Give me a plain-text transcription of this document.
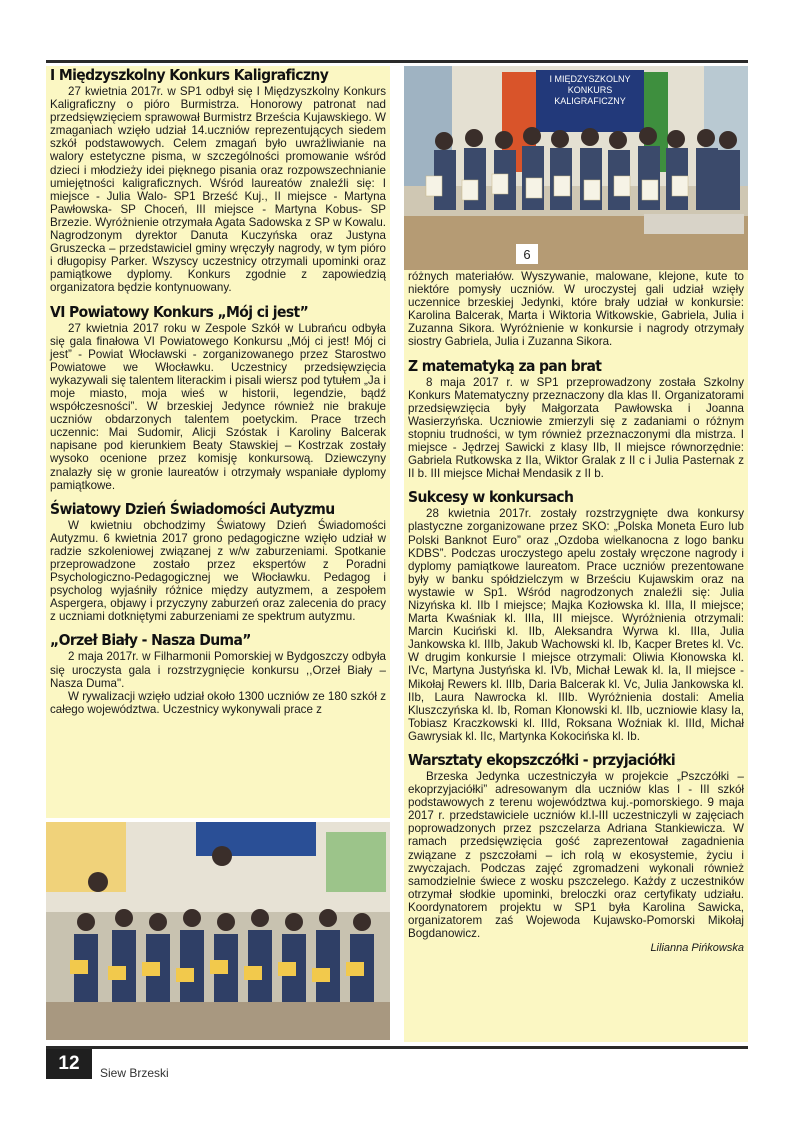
I Międzyszkolny Konkurs Kaligraficzny

27 kwietnia 2017r. w SP1 odbył się I Międzyszkolny Konkurs Kaligraficzny o pióro Burmistrza. Honorowy patronat nad przedsięwzięciem sprawował Burmistrz Brześcia Kujawskiego. W zmaganiach wzięło udział 14.uczniów reprezentujących siedem szkół podstawowych. Celem zmagań było uwrażliwianie na walory estetyczne pisma, w szczególności promowanie wśród dzieci i młodzieży idei pięknego pisania oraz rozpowszechnianie umiejętności kaligraficznych. Wśród laureatów znaleźli się: I miejsce - Julia Walo- SP1 Brześć Kuj., II miejsce - Martyna Pawłowska- SP Choceń, III miejsce - Martyna Kobus- SP Brzezie. Wyróżnienie otrzymała Agata Sadowska z SP w Kowalu. Nagrodzonym dyrektor Danuta Kuczyńska oraz Justyna Gruszecka – przedstawiciel gminy wręczyły nagrody, w tym pióro i długopisy Parker. Wszyscy uczestnicy otrzymali upominki oraz pamiątkowe dyplomy. Konkurs zgodnie z zapowiedzią organizatora będzie kontynuowany.

VI Powiatowy Konkurs „Mój ci jest”

27 kwietnia 2017 roku w Zespole Szkół w Lubrańcu odbyła się gala finałowa VI Powiatowego Konkursu „Mój ci jest! Mój ci jest” - Powiat Włocławski - zorganizowanego przez Starostwo Powiatowe we Włocławku. Uczestnicy przedsięwzięcia wykazywali się talentem literackim i pisali wiersz pod tytułem „Ja i moje miasto, moja wieś w historii, legendzie, bądź współczesności”. W brzeskiej Jedynce również nie brakuje uczniów obdarzonych talentem poetyckim. Prace trzech uczennic: Mai Sudomir, Alicji Szóstak i Karoliny Balcerak napisane pod kierunkiem Beaty Stawskiej – Kostrzak zostały wysoko ocenione przez komisję konkursową. Dziewczyny znalazły się w gronie laureatów i otrzymały wspaniałe dyplomy pamiątkowe.

Światowy Dzień Świadomości Autyzmu

W kwietniu obchodzimy Światowy Dzień Świadomości Autyzmu. 6 kwietnia 2017 grono pedagogiczne wzięło udział w radzie szkoleniowej związanej z w/w zaburzeniami. Spotkanie przeprowadzone zostało przez ekspertów z Poradni Psychologiczno-Pedagogicznej we Włocławku. Pedagog i psycholog wyjaśniły różnice między autyzmem, a zespołem Aspergera, objawy i przyczyny zaburzeń oraz zalecenia do pracy z uczniami dotkniętymi zaburzeniami ze spektrum autyzmu.

„Orzeł Biały - Nasza Duma”

2 maja 2017r. w Filharmonii Pomorskiej w Bydgoszczy odbyła się uroczysta gala i rozstrzygnięcie konkursu ,,Orzeł Biały – Nasza Duma".

W rywalizacji wzięło udział około 1300 uczniów ze 180 szkół z całego województwa. Uczestnicy wykonywali prace z

I MIĘDZYSZKOLNY
KONKURS
KALIGRAFICZNY
6

różnych materiałów. Wyszywanie, malowane, klejone, kute to niektóre pomysły uczniów. W uroczystej gali udział wzięły uczennice brzeskiej Jedynki, które brały udział w konkursie: Karolina Balcerak, Marta i Wiktoria Witkowskie, Gabriela, Julia i Zuzanna Sikora. Wyróżnienie w konkursie i nagrody otrzymały siostry Gabriela, Julia i Zuzanna Sikora.

Z matematyką za pan brat

8 maja 2017 r. w SP1 przeprowadzony została Szkolny Konkurs Matematyczny przeznaczony dla klas II. Organizatorami przedsięwzięcia były Małgorzata Pawłowska i Joanna Wasierzyńska. Uczniowie zmierzyli się z zadaniami o różnym stopniu trudności, w tym również przeznaczonymi dla mistrza. I miejsce - Jędrzej Sawicki z klasy IIb, II miejsce równorzędnie: Gabriela Rutkowska z IIa, Wiktor Gralak z II c i Julia Pasternak z II b. III miejsce Michał Mendasik z II b.

Sukcesy w konkursach

28 kwietnia 2017r. zostały rozstrzygnięte dwa konkursy plastyczne zorganizowane przez SKO: „Polska Moneta Euro lub Polski Banknot Euro” oraz „Ozdoba wielkanocna z logo banku KDBS”. Podczas uroczystego apelu zostały wręczone nagrody i dyplomy pamiątkowe laureatom. Prace uczniów prezentowane były w banku spółdzielczym w Brześciu Kujawskim oraz na wystawie w Sp1. Wśród nagrodzonych znaleźli się: Julia Nizyńska kl. IIb I miejsce; Majka Kozłowska kl. IIIa, II miejsce; Marta Kwaśniak kl. IIIa, III miejsce. Wyróżnienia otrzymali: Marcin Kuciński kl. IIb, Aleksandra Wyrwa kl. IIIa, Julia Jankowska kl. IIIb, Jakub Wachowski kl. Ib, Kacper Bretes kl. Vc. W drugim konkursie I miejsce otrzymali: Oliwia Kłonowska kl. IVc, Martyna Justyńska kl. IVb, Michał Lewak kl. Ia, II miejsce - Mikołaj Rewers kl. IIIb, Daria Balcerak kl. Vc, Julia Jankowska kl. IIb, Laura Nawrocka kl. IIIb. Wyróżnienia dostali: Amelia Kluszczyńska kl. Ib, Roman Kłonowski kl. IIb, uczniowie klasy Ia, Tobiasz Kraczkowski kl. IIId, Roksana Woźniak kl. IIId, Michał Gawrysiak kl. IIc, Martynka Kokocińska kl. Ib.

Warsztaty ekopszczółki - przyjaciółki

Brzeska Jedynka uczestniczyła w projekcie „Pszczółki – ekoprzyjaciółki” adresowanym dla uczniów klas I - III szkół podstawowych z terenu województwa kuj.-pomorskiego. 9 maja 2017 r. przedstawiciele uczniów kl.I-III uczestniczyli w zajęciach poprowadzonych przez pszczelarza Adriana Stankiewicza. W ramach przedsięwzięcia gość zaprezentował zagadnienia związane z pszczołami – ich rolą w ekosystemie, życiu i zwyczajach. Podczas zajęć zgromadzeni wykonali również samodzielnie świece z wosku pszczelego. Każdy z uczestników otrzymał słodkie upominki, breloczki oraz certyfikaty udziału. Koordynatorem projektu w SP1 była Karolina Sawicka, organizatorem zaś Wojewoda Kujawsko-Pomorski Mikołaj Bogdanowicz.

Lilianna Pińkowska
12	Siew Brzeski
